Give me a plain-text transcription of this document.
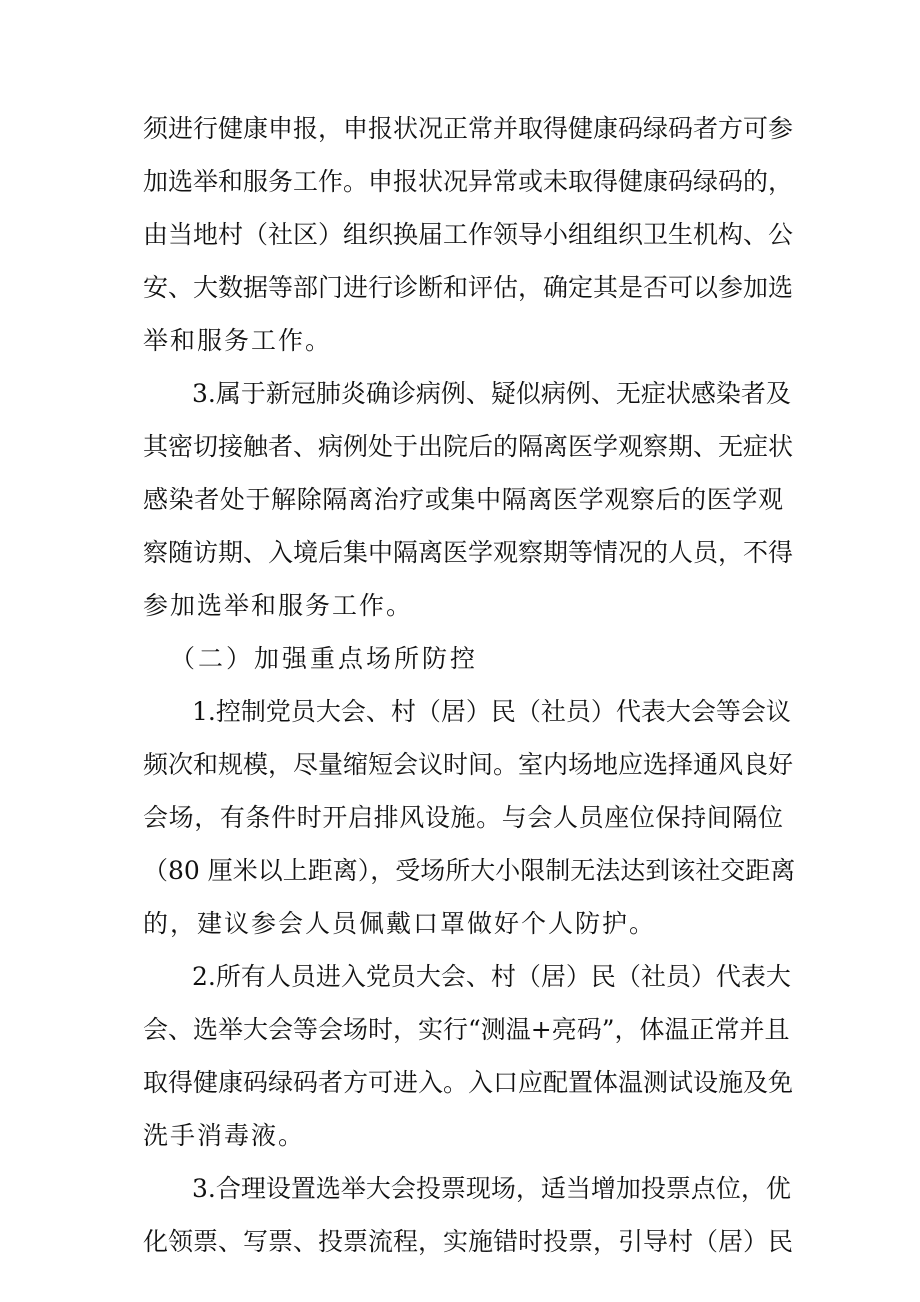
须进行健康申报，申报状况正常并取得健康码绿码者方可参
加选举和服务工作。申报状况异常或未取得健康码绿码的，
由当地村（社区）组织换届工作领导小组组织卫生机构、公
安、大数据等部门进行诊断和评估，确定其是否可以参加选
举和服务工作。
3.属于新冠肺炎确诊病例、疑似病例、无症状感染者及
其密切接触者、病例处于出院后的隔离医学观察期、无症状
感染者处于解除隔离治疗或集中隔离医学观察后的医学观
察随访期、入境后集中隔离医学观察期等情况的人员，不得
参加选举和服务工作。
（二）加强重点场所防控
1.控制党员大会、村（居）民（社员）代表大会等会议
频次和规模，尽量缩短会议时间。室内场地应选择通风良好
会场，有条件时开启排风设施。与会人员座位保持间隔位
（80 厘米以上距离），受场所大小限制无法达到该社交距离
的，建议参会人员佩戴口罩做好个人防护。
2.所有人员进入党员大会、村（居）民（社员）代表大
会、选举大会等会场时，实行“测温+亮码”，体温正常并且
取得健康码绿码者方可进入。入口应配置体温测试设施及免
洗手消毒液。
3.合理设置选举大会投票现场，适当增加投票点位，优
化领票、写票、投票流程，实施错时投票，引导村（居）民
